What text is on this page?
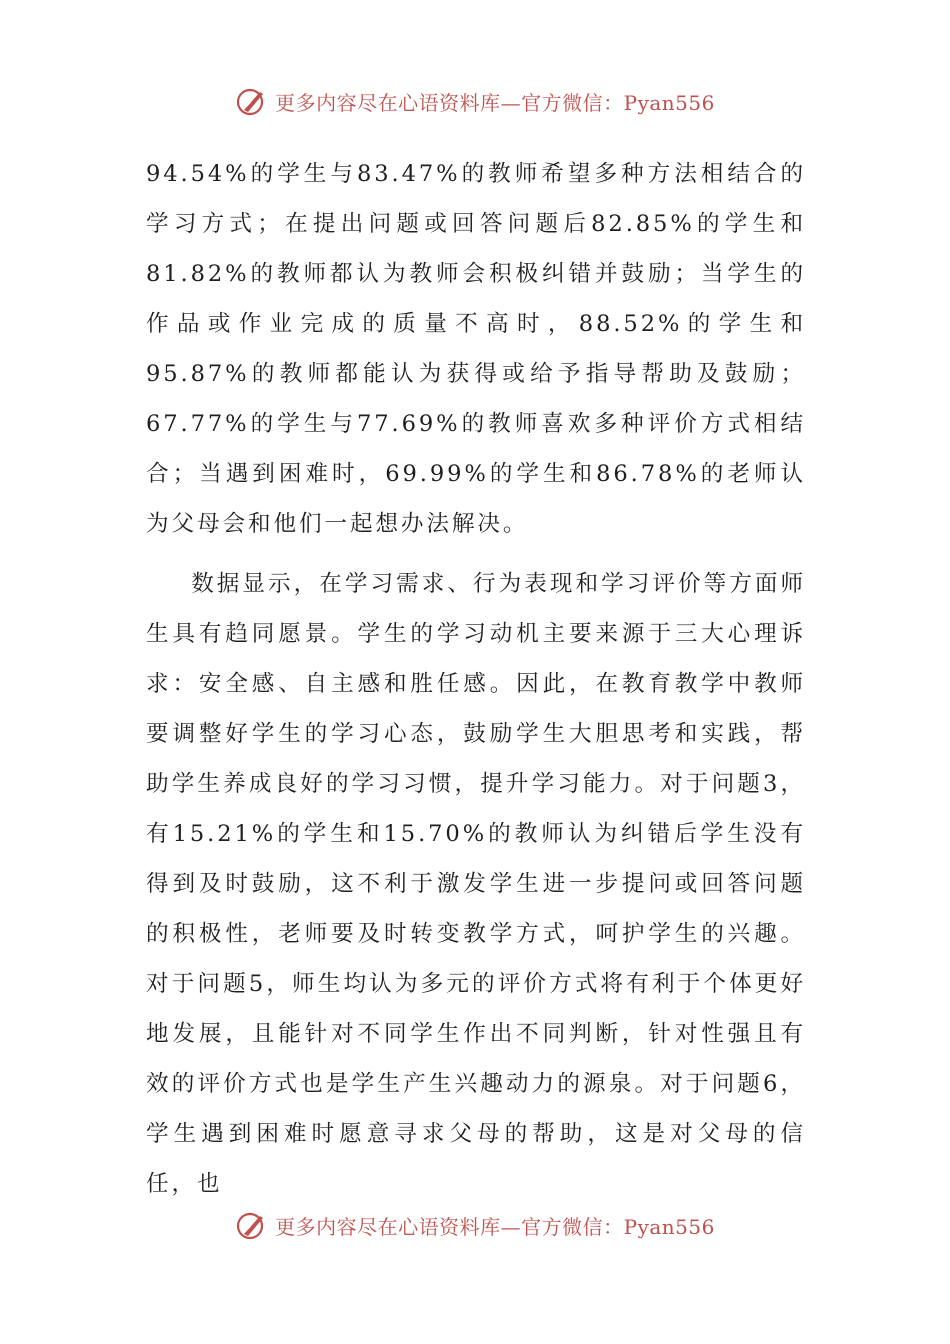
更多内容尽在心语资料库—官方微信：Pyan556

94.54%的学生与83.47%的教师希望多种方法相结合的学习方式；在提出问题或回答问题后82.85%的学生和81.82%的教师都认为教师会积极纠错并鼓励；当学生的作品或作业完成的质量不高时，88.52%的学生和95.87%的教师都能认为获得或给予指导帮助及鼓励；67.77%的学生与77.69%的教师喜欢多种评价方式相结合；当遇到困难时，69.99%的学生和86.78%的老师认为父母会和他们一起想办法解决。

数据显示，在学习需求、行为表现和学习评价等方面师生具有趋同愿景。学生的学习动机主要来源于三大心理诉求：安全感、自主感和胜任感。因此，在教育教学中教师要调整好学生的学习心态，鼓励学生大胆思考和实践，帮助学生养成良好的学习习惯，提升学习能力。对于问题3，有15.21%的学生和15.70%的教师认为纠错后学生没有得到及时鼓励，这不利于激发学生进一步提问或回答问题的积极性，老师要及时转变教学方式，呵护学生的兴趣。对于问题5，师生均认为多元的评价方式将有利于个体更好地发展，且能针对不同学生作出不同判断，针对性强且有效的评价方式也是学生产生兴趣动力的源泉。对于问题6，学生遇到困难时愿意寻求父母的帮助，这是对父母的信任，也

更多内容尽在心语资料库—官方微信：Pyan556
